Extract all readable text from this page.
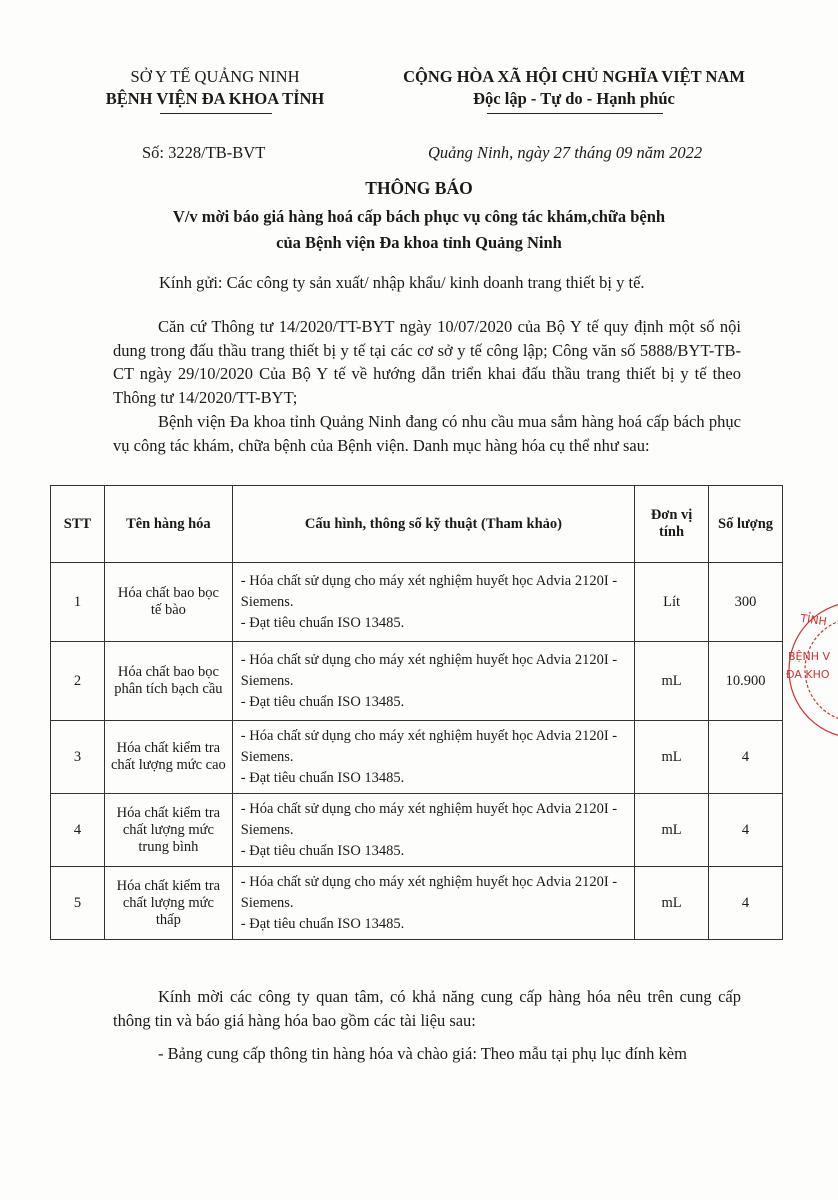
SỞ Y TẾ QUẢNG NINH
BỆNH VIỆN ĐA KHOA TỈNH
CỘNG HÒA XÃ HỘI CHỦ NGHĨA VIỆT NAM
Độc lập - Tự do - Hạnh phúc
Số: 3228/TB-BVT	Quảng Ninh, ngày 27 tháng 09 năm 2022
THÔNG BÁO
V/v mời báo giá hàng hoá cấp bách phục vụ công tác khám,chữa bệnh
của Bệnh viện Đa khoa tỉnh Quảng Ninh
Kính gửi: Các công ty sản xuất/ nhập khẩu/ kinh doanh trang thiết bị y tế.
Căn cứ Thông tư 14/2020/TT-BYT ngày 10/07/2020 của Bộ Y tế quy định một số nội dung trong đấu thầu trang thiết bị y tế tại các cơ sở y tế công lập; Công văn số 5888/BYT-TB-CT ngày 29/10/2020 Của Bộ Y tế về hướng dẫn triển khai đấu thầu trang thiết bị y tế theo Thông tư 14/2020/TT-BYT;
Bệnh viện Đa khoa tỉnh Quảng Ninh đang có nhu cầu mua sắm hàng hoá cấp bách phục vụ công tác khám, chữa bệnh của Bệnh viện. Danh mục hàng hóa cụ thể như sau:
STT	Tên hàng hóa	Cấu hình, thông số kỹ thuật (Tham khảo)	Đơn vị tính	Số lượng
1	Hóa chất bao bọc tế bào	- Hóa chất sử dụng cho máy xét nghiệm huyết học Advia 2120I - Siemens.
- Đạt tiêu chuẩn ISO 13485.	Lít	300
2	Hóa chất bao bọc phân tích bạch cầu	- Hóa chất sử dụng cho máy xét nghiệm huyết học Advia 2120I - Siemens.
- Đạt tiêu chuẩn ISO 13485.	mL	10.900
3	Hóa chất kiểm tra chất lượng mức cao	- Hóa chất sử dụng cho máy xét nghiệm huyết học Advia 2120I - Siemens.
- Đạt tiêu chuẩn ISO 13485.	mL	4
4	Hóa chất kiểm tra chất lượng mức trung bình	- Hóa chất sử dụng cho máy xét nghiệm huyết học Advia 2120I - Siemens.
- Đạt tiêu chuẩn ISO 13485.	mL	4
5	Hóa chất kiểm tra chất lượng mức thấp	- Hóa chất sử dụng cho máy xét nghiệm huyết học Advia 2120I - Siemens.
- Đạt tiêu chuẩn ISO 13485.	mL	4
Kính mời các công ty quan tâm, có khả năng cung cấp hàng hóa nêu trên cung cấp thông tin và báo giá hàng hóa bao gồm các tài liệu sau:
- Bảng cung cấp thông tin hàng hóa và chào giá: Theo mẫu tại phụ lục đính kèm
TỈNH
BỆNH V
ĐA KHO
